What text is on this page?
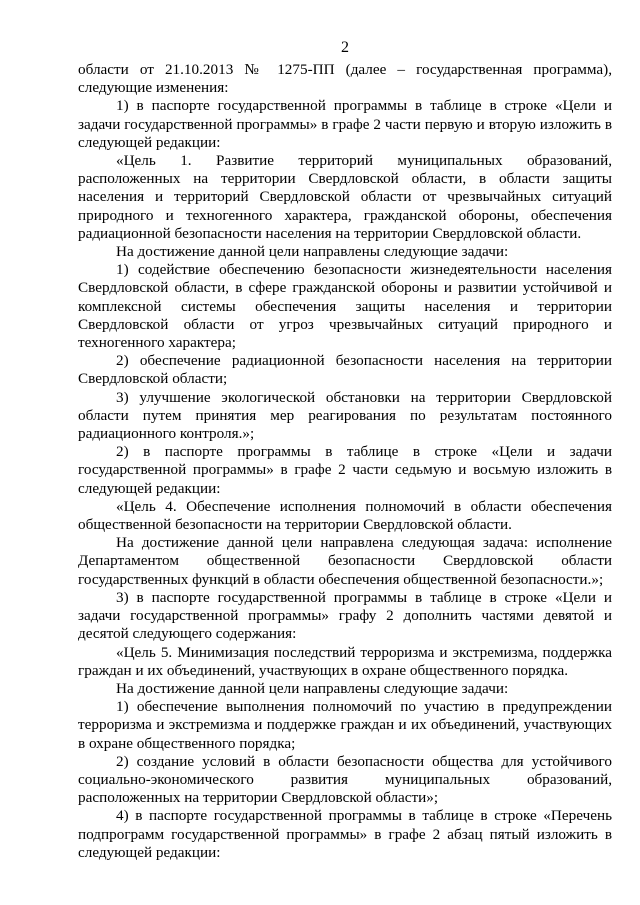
2

области от 21.10.2013 № 1275-ПП (далее – государственная программа), следующие изменения:

1) в паспорте государственной программы в таблице в строке «Цели и задачи государственной программы» в графе 2 части первую и вторую изложить в следующей редакции:

«Цель 1. Развитие территорий муниципальных образований, расположенных на территории Свердловской области, в области защиты населения и территорий Свердловской области от чрезвычайных ситуаций природного и техногенного характера, гражданской обороны, обеспечения радиационной безопасности населения на территории Свердловской области.

На достижение данной цели направлены следующие задачи:

1) содействие обеспечению безопасности жизнедеятельности населения Свердловской области, в сфере гражданской обороны и развитии устойчивой и комплексной системы обеспечения защиты населения и территории Свердловской области от угроз чрезвычайных ситуаций природного и техногенного характера;

2) обеспечение радиационной безопасности населения на территории Свердловской области;

3) улучшение экологической обстановки на территории Свердловской области путем принятия мер реагирования по результатам постоянного радиационного контроля.»;

2) в паспорте программы в таблице в строке «Цели и задачи государственной программы» в графе 2 части седьмую и восьмую изложить в следующей редакции:

«Цель 4. Обеспечение исполнения полномочий в области обеспечения общественной безопасности на территории Свердловской области.

На достижение данной цели направлена следующая задача: исполнение Департаментом общественной безопасности Свердловской области государственных функций в области обеспечения общественной безопасности.»;

3) в паспорте государственной программы в таблице в строке «Цели и задачи государственной программы» графу 2 дополнить частями девятой и десятой следующего содержания:

«Цель 5. Минимизация последствий терроризма и экстремизма, поддержка граждан и их объединений, участвующих в охране общественного порядка.

На достижение данной цели направлены следующие задачи:

1) обеспечение выполнения полномочий по участию в предупреждении терроризма и экстремизма и поддержке граждан и их объединений, участвующих в охране общественного порядка;

2) создание условий в области безопасности общества для устойчивого социально-экономического развития муниципальных образований, расположенных на территории Свердловской области»;

4) в паспорте государственной программы в таблице в строке «Перечень подпрограмм государственной программы» в графе 2 абзац пятый изложить в следующей редакции:
